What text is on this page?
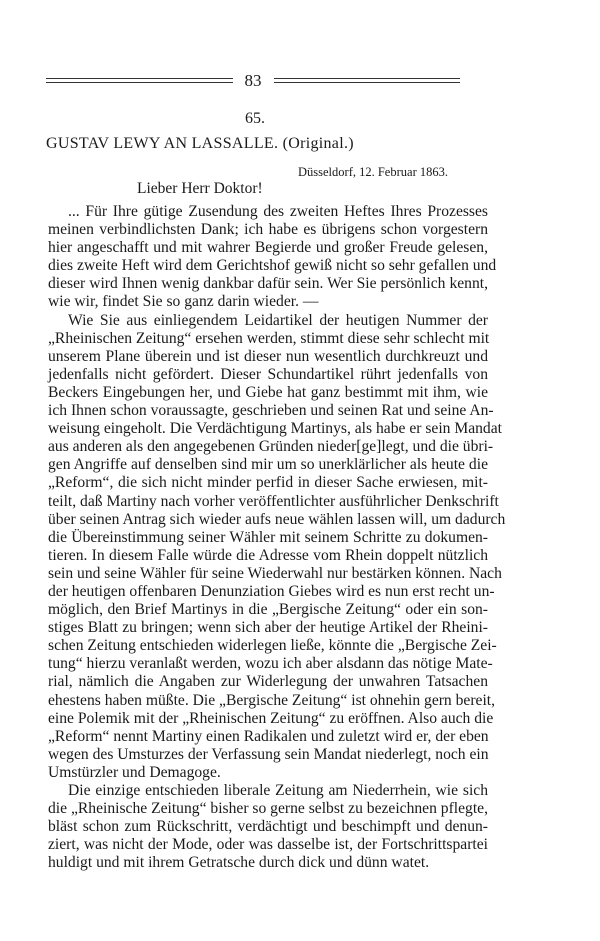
83
65.
GUSTAV LEWY AN LASSALLE. (Original.)
Düsseldorf, 12. Februar 1863.
Lieber Herr Doktor!
... Für Ihre gütige Zusendung des zweiten Heftes Ihres Prozesses
meinen verbindlichsten Dank; ich habe es übrigens schon vorgestern
hier angeschafft und mit wahrer Begierde und großer Freude gelesen,
dies zweite Heft wird dem Gerichtshof gewiß nicht so sehr gefallen und
dieser wird Ihnen wenig dankbar dafür sein. Wer Sie persönlich kennt,
wie wir, findet Sie so ganz darin wieder. —
Wie Sie aus einliegendem Leidartikel der heutigen Nummer der
„Rheinischen Zeitung“ ersehen werden, stimmt diese sehr schlecht mit
unserem Plane überein und ist dieser nun wesentlich durchkreuzt und
jedenfalls nicht gefördert. Dieser Schundartikel rührt jedenfalls von
Beckers Eingebungen her, und Giebe hat ganz bestimmt mit ihm, wie
ich Ihnen schon voraussagte, geschrieben und seinen Rat und seine An-
weisung eingeholt. Die Verdächtigung Martinys, als habe er sein Mandat
aus anderen als den angegebenen Gründen nieder[ge]legt, und die übri-
gen Angriffe auf denselben sind mir um so unerklärlicher als heute die
„Reform“, die sich nicht minder perfid in dieser Sache erwiesen, mit-
teilt, daß Martiny nach vorher veröffentlichter ausführlicher Denkschrift
über seinen Antrag sich wieder aufs neue wählen lassen will, um dadurch
die Übereinstimmung seiner Wähler mit seinem Schritte zu dokumen-
tieren. In diesem Falle würde die Adresse vom Rhein doppelt nützlich
sein und seine Wähler für seine Wiederwahl nur bestärken können. Nach
der heutigen offenbaren Denunziation Giebes wird es nun erst recht un-
möglich, den Brief Martinys in die „Bergische Zeitung“ oder ein son-
stiges Blatt zu bringen; wenn sich aber der heutige Artikel der Rheini-
schen Zeitung entschieden widerlegen ließe, könnte die „Bergische Zei-
tung“ hierzu veranlaßt werden, wozu ich aber alsdann das nötige Mate-
rial, nämlich die Angaben zur Widerlegung der unwahren Tatsachen
ehestens haben müßte. Die „Bergische Zeitung“ ist ohnehin gern bereit,
eine Polemik mit der „Rheinischen Zeitung“ zu eröffnen. Also auch die
„Reform“ nennt Martiny einen Radikalen und zuletzt wird er, der eben
wegen des Umsturzes der Verfassung sein Mandat niederlegt, noch ein
Umstürzler und Demagoge.
Die einzige entschieden liberale Zeitung am Niederrhein, wie sich
die „Rheinische Zeitung“ bisher so gerne selbst zu bezeichnen pflegte,
bläst schon zum Rückschritt, verdächtigt und beschimpft und denun-
ziert, was nicht der Mode, oder was dasselbe ist, der Fortschrittspartei
huldigt und mit ihrem Getratsche durch dick und dünn watet.
